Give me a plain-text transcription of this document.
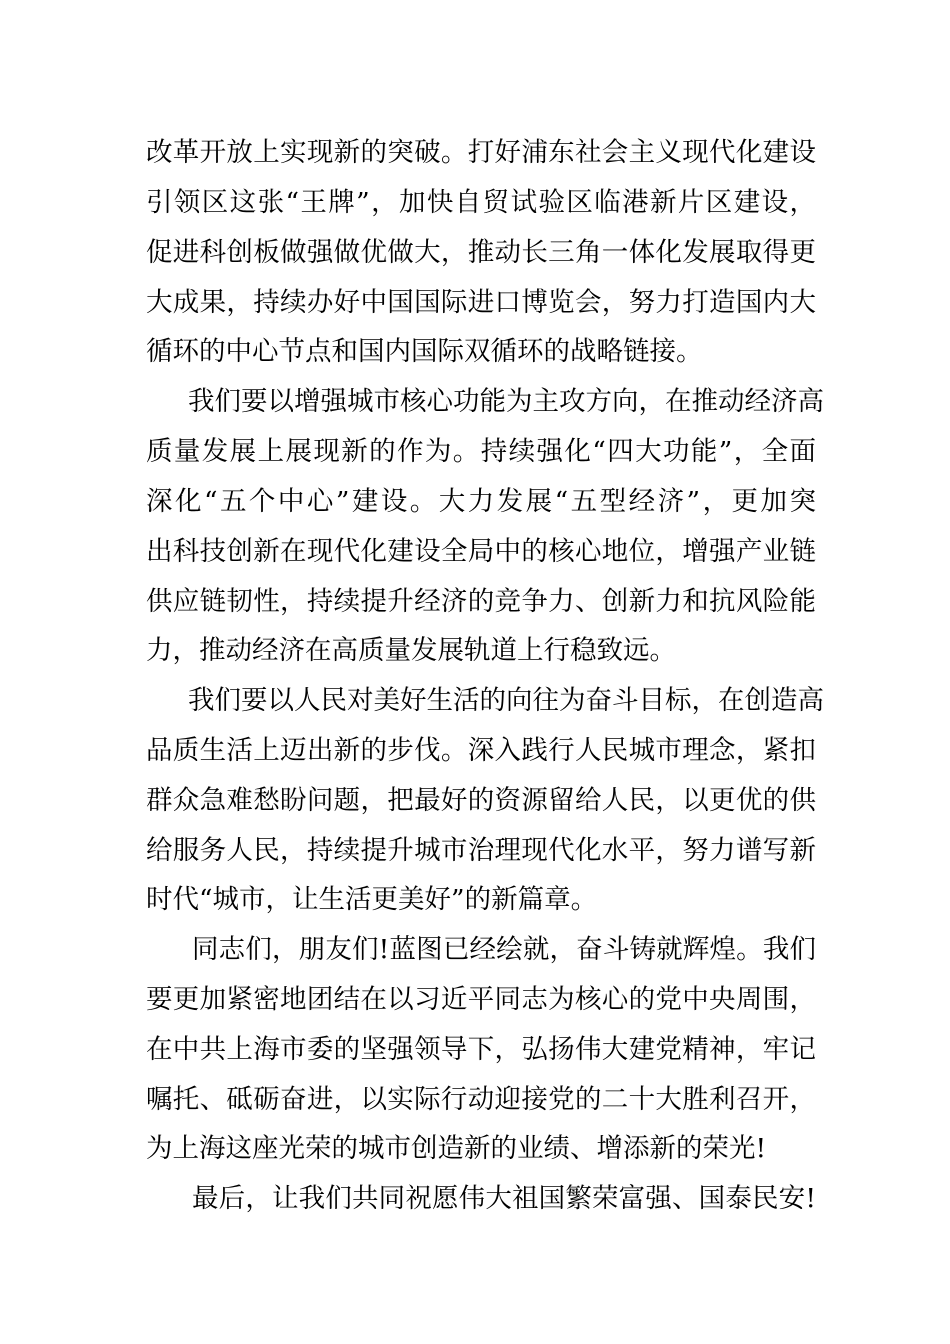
改革开放上实现新的突破。打好浦东社会主义现代化建设
引领区这张“王牌”，加快自贸试验区临港新片区建设，
促进科创板做强做优做大，推动长三角一体化发展取得更
大成果，持续办好中国国际进口博览会，努力打造国内大
循环的中心节点和国内国际双循环的战略链接。
我们要以增强城市核心功能为主攻方向，在推动经济高
质量发展上展现新的作为。持续强化“四大功能”，全面
深化“五个中心”建设。大力发展“五型经济”，更加突
出科技创新在现代化建设全局中的核心地位，增强产业链
供应链韧性，持续提升经济的竞争力、创新力和抗风险能
力，推动经济在高质量发展轨道上行稳致远。
我们要以人民对美好生活的向往为奋斗目标，在创造高
品质生活上迈出新的步伐。深入践行人民城市理念，紧扣
群众急难愁盼问题，把最好的资源留给人民，以更优的供
给服务人民，持续提升城市治理现代化水平，努力谱写新
时代“城市，让生活更美好”的新篇章。
同志们，朋友们!蓝图已经绘就，奋斗铸就辉煌。我们
要更加紧密地团结在以习近平同志为核心的党中央周围，
在中共上海市委的坚强领导下，弘扬伟大建党精神，牢记
嘱托、砥砺奋进，以实际行动迎接党的二十大胜利召开，
为上海这座光荣的城市创造新的业绩、增添新的荣光!
最后，让我们共同祝愿伟大祖国繁荣富强、国泰民安!
